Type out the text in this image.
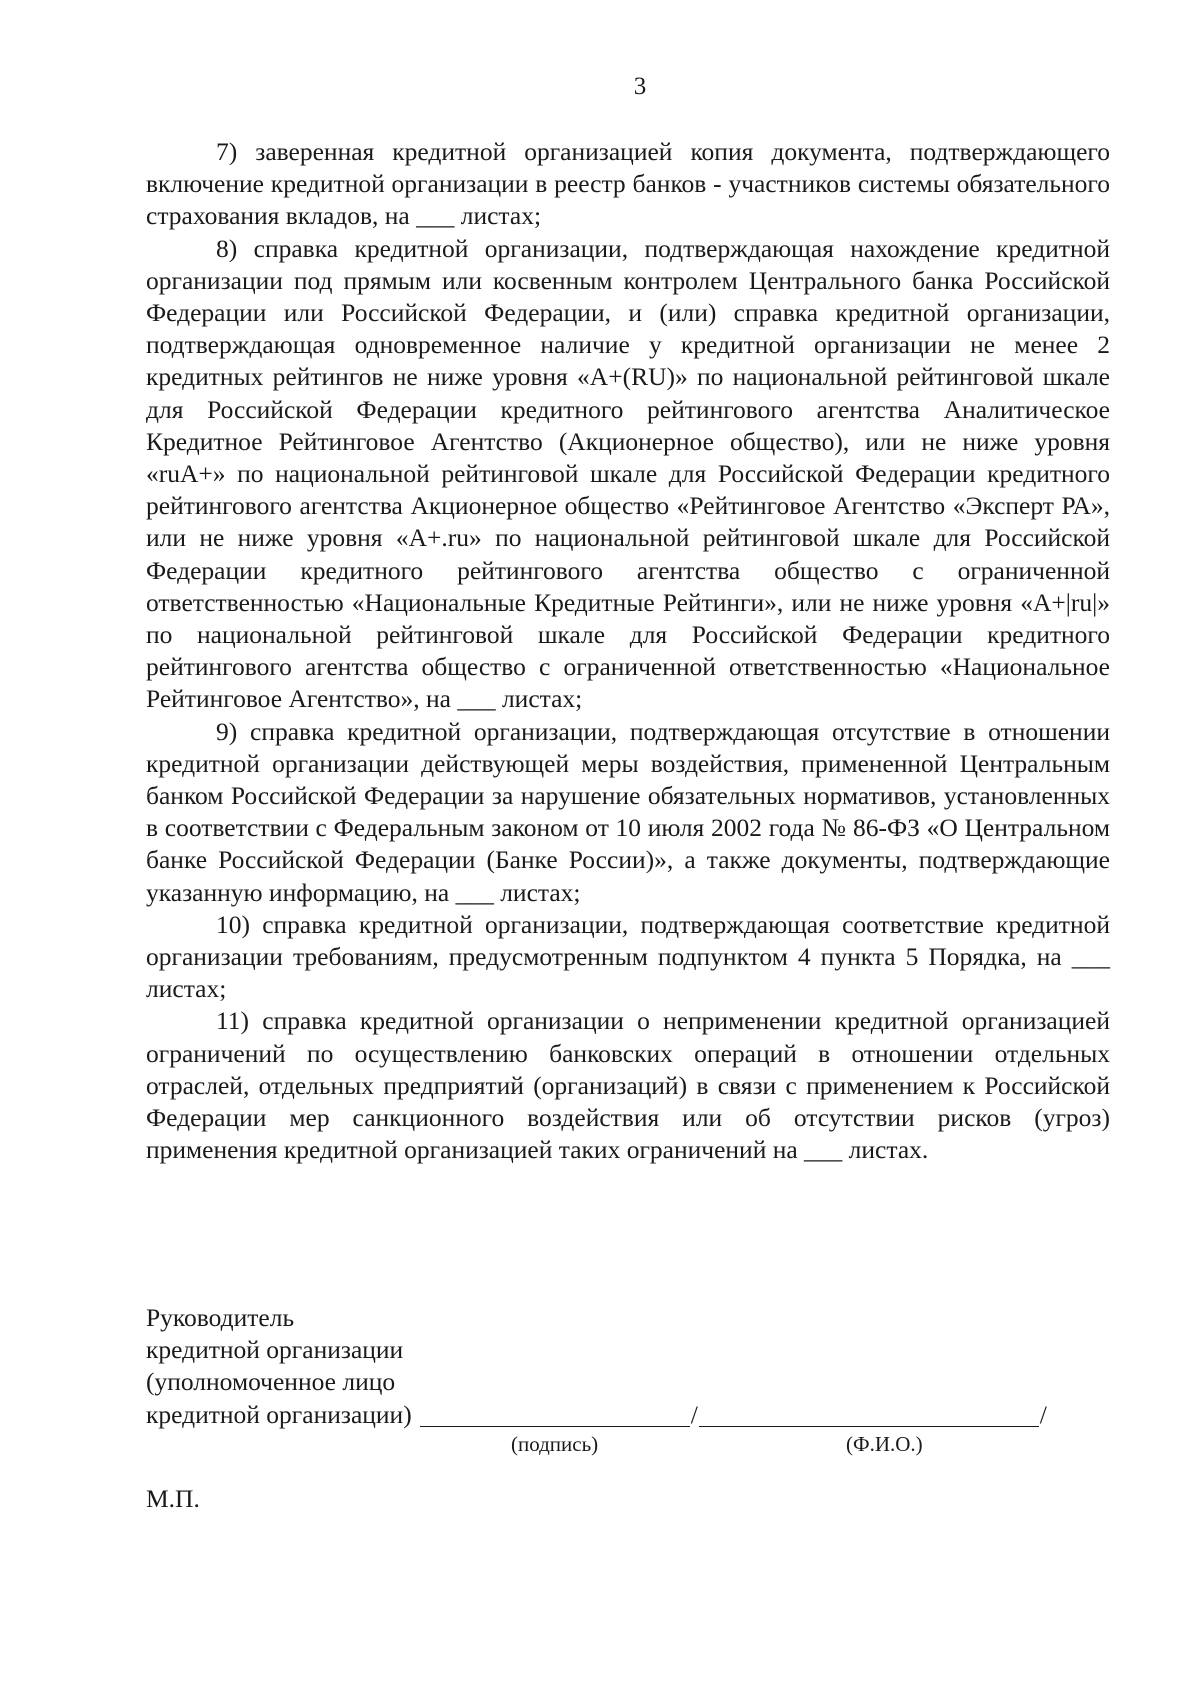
3

7) заверенная кредитной организацией копия документа, подтверждающего включение кредитной организации в реестр банков - участников системы обязательного страхования вкладов, на ___ листах;

8) справка кредитной организации, подтверждающая нахождение кредитной организации под прямым или косвенным контролем Центрального банка Российской Федерации или Российской Федерации, и (или) справка кредитной организации, подтверждающая одновременное наличие у кредитной организации не менее 2 кредитных рейтингов не ниже уровня «A+(RU)» по национальной рейтинговой шкале для Российской Федерации кредитного рейтингового агентства Аналитическое Кредитное Рейтинговое Агентство (Акционерное общество), или не ниже уровня «ruA+» по национальной рейтинговой шкале для Российской Федерации кредитного рейтингового агентства Акционерное общество «Рейтинговое Агентство «Эксперт РА», или не ниже уровня «A+.ru» по национальной рейтинговой шкале для Российской Федерации кредитного рейтингового агентства общество с ограниченной ответственностью «Национальные Кредитные Рейтинги», или не ниже уровня «A+|ru|» по национальной рейтинговой шкале для Российской Федерации кредитного рейтингового агентства общество с ограниченной ответственностью «Национальное Рейтинговое Агентство», на ___ листах;

9) справка кредитной организации, подтверждающая отсутствие в отношении кредитной организации действующей меры воздействия, примененной Центральным банком Российской Федерации за нарушение обязательных нормативов, установленных в соответствии с Федеральным законом от 10 июля 2002 года № 86-ФЗ «О Центральном банке Российской Федерации (Банке России)», а также документы, подтверждающие указанную информацию, на ___ листах;

10) справка кредитной организации, подтверждающая соответствие кредитной организации требованиям, предусмотренным подпунктом 4 пункта 5 Порядка, на ___ листах;

11) справка кредитной организации о неприменении кредитной организацией ограничений по осуществлению банковских операций в отношении отдельных отраслей, отдельных предприятий (организаций) в связи с применением к Российской Федерации мер санкционного воздействия или об отсутствии рисков (угроз) применения кредитной организацией таких ограничений на ___ листах.

Руководитель
кредитной организации
(уполномоченное лицо
кредитной организации)	/	/
(подпись)	(Ф.И.О.)
М.П.
